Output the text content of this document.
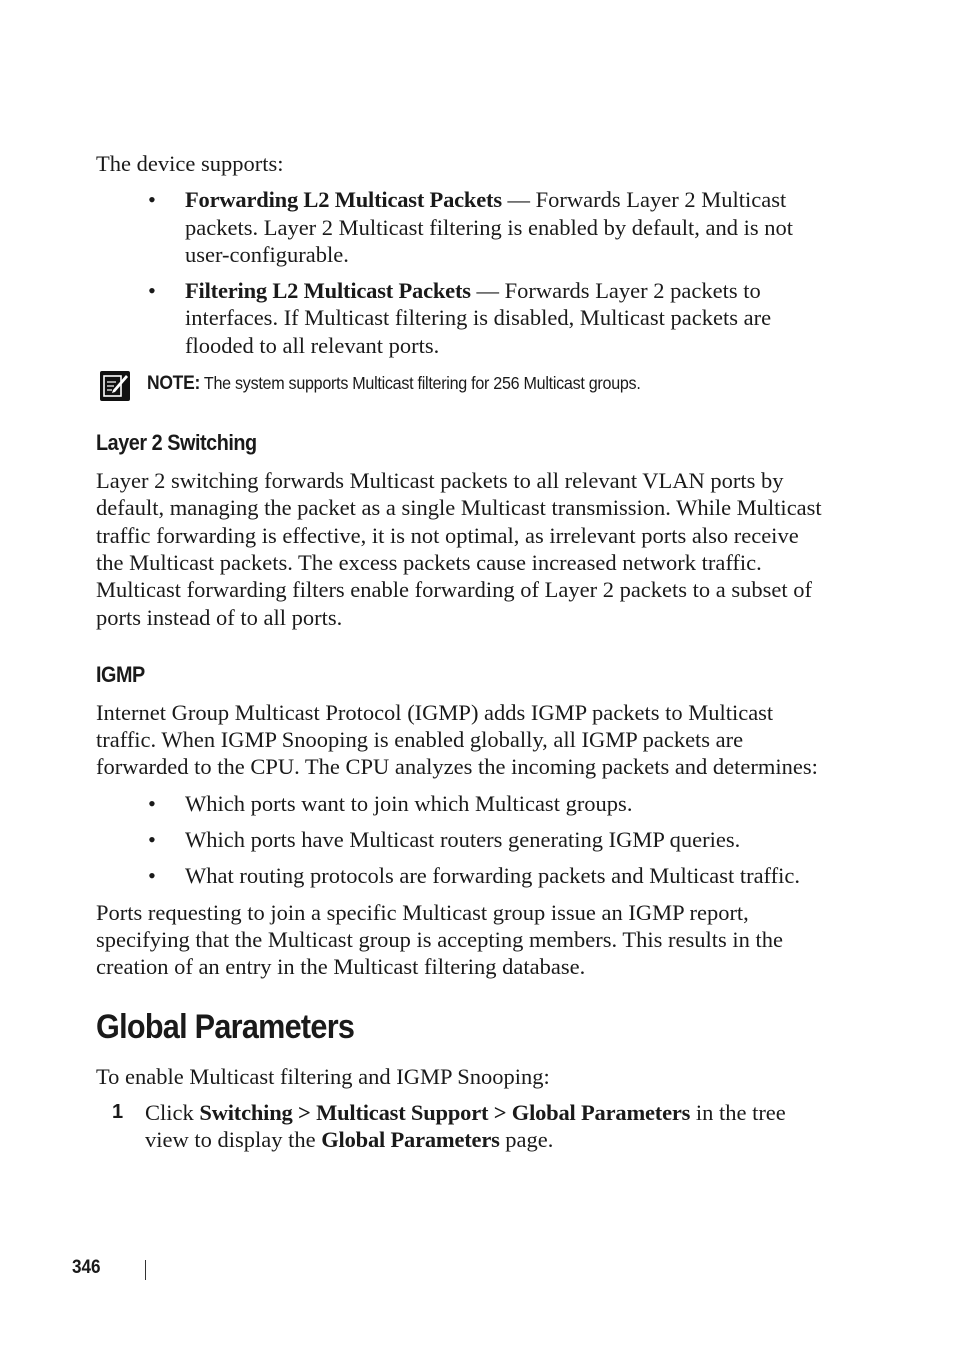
The device supports:

• Forwarding L2 Multicast Packets — Forwards Layer 2 Multicast packets. Layer 2 Multicast filtering is enabled by default, and is not user-configurable.
• Filtering L2 Multicast Packets — Forwards Layer 2 packets to interfaces. If Multicast filtering is disabled, Multicast packets are flooded to all relevant ports.
NOTE: The system supports Multicast filtering for 256 Multicast groups.
Layer 2 Switching

Layer 2 switching forwards Multicast packets to all relevant VLAN ports by default, managing the packet as a single Multicast transmission. While Multicast traffic forwarding is effective, it is not optimal, as irrelevant ports also receive the Multicast packets. The excess packets cause increased network traffic. Multicast forwarding filters enable forwarding of Layer 2 packets to a subset of ports instead of to all ports.

IGMP

Internet Group Multicast Protocol (IGMP) adds IGMP packets to Multicast traffic. When IGMP Snooping is enabled globally, all IGMP packets are forwarded to the CPU. The CPU analyzes the incoming packets and determines:

• Which ports want to join which Multicast groups.
• Which ports have Multicast routers generating IGMP queries.
• What routing protocols are forwarding packets and Multicast traffic.

Ports requesting to join a specific Multicast group issue an IGMP report, specifying that the Multicast group is accepting members. This results in the creation of an entry in the Multicast filtering database.

Global Parameters

To enable Multicast filtering and IGMP Snooping:

1 Click Switching > Multicast Support > Global Parameters in the tree view to display the Global Parameters page.
346
